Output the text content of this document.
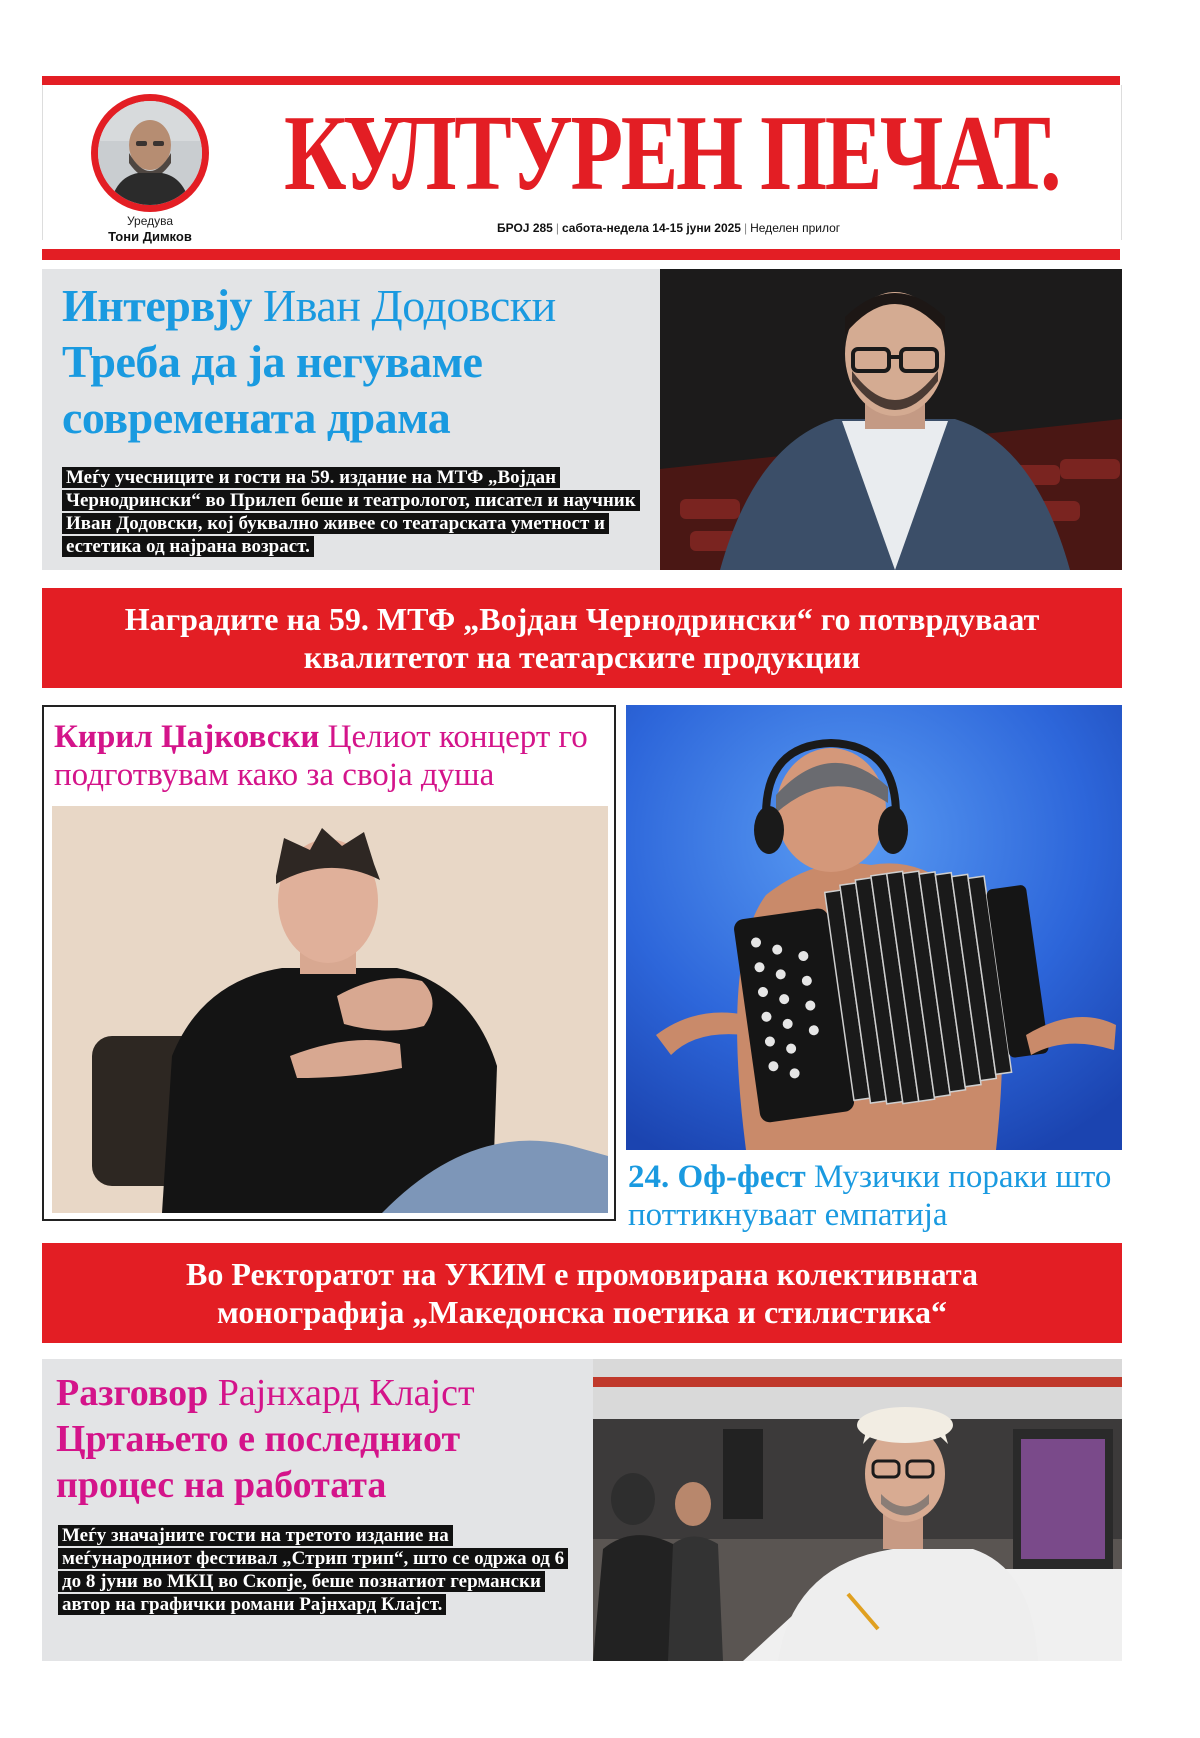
Уредува
Тони Димков
КУЛТУРЕН ПЕЧАТ.
БРОЈ 285 | сабота-недела 14-15 јуни 2025 | Неделен прилог
Интервју Иван Додовски
Треба да ја негуваме современата драма
Меѓу учесниците и гости на 59. издание на МТФ „Војдан Чернодрински“ во Прилеп беше и театрологот, писател и научник Иван Додовски, кој буквално живее со театарската уметност и естетика од најрана возраст.
Наградите на 59. МТФ „Војдан Чернодрински“ го потврдуваат квалитетот на театарските продукции
Кирил Џајковски Целиот концерт го подготвувам како за своја душа
24. Оф-фест Музички пораки што поттикнуваат емпатија
Во Ректоратот на УКИМ е промовирана колективната монографија „Македонска поетика и стилистика“
Разговор Рајнхард Клајст
Цртањето е последниот процес на работата
Меѓу значајните гости на третото издание на меѓународниот фестивал „Стрип трип“, што се одржа од 6 до 8 јуни во МКЦ во Скопје, беше познатиот германски автор на графички романи Рајнхард Клајст.
